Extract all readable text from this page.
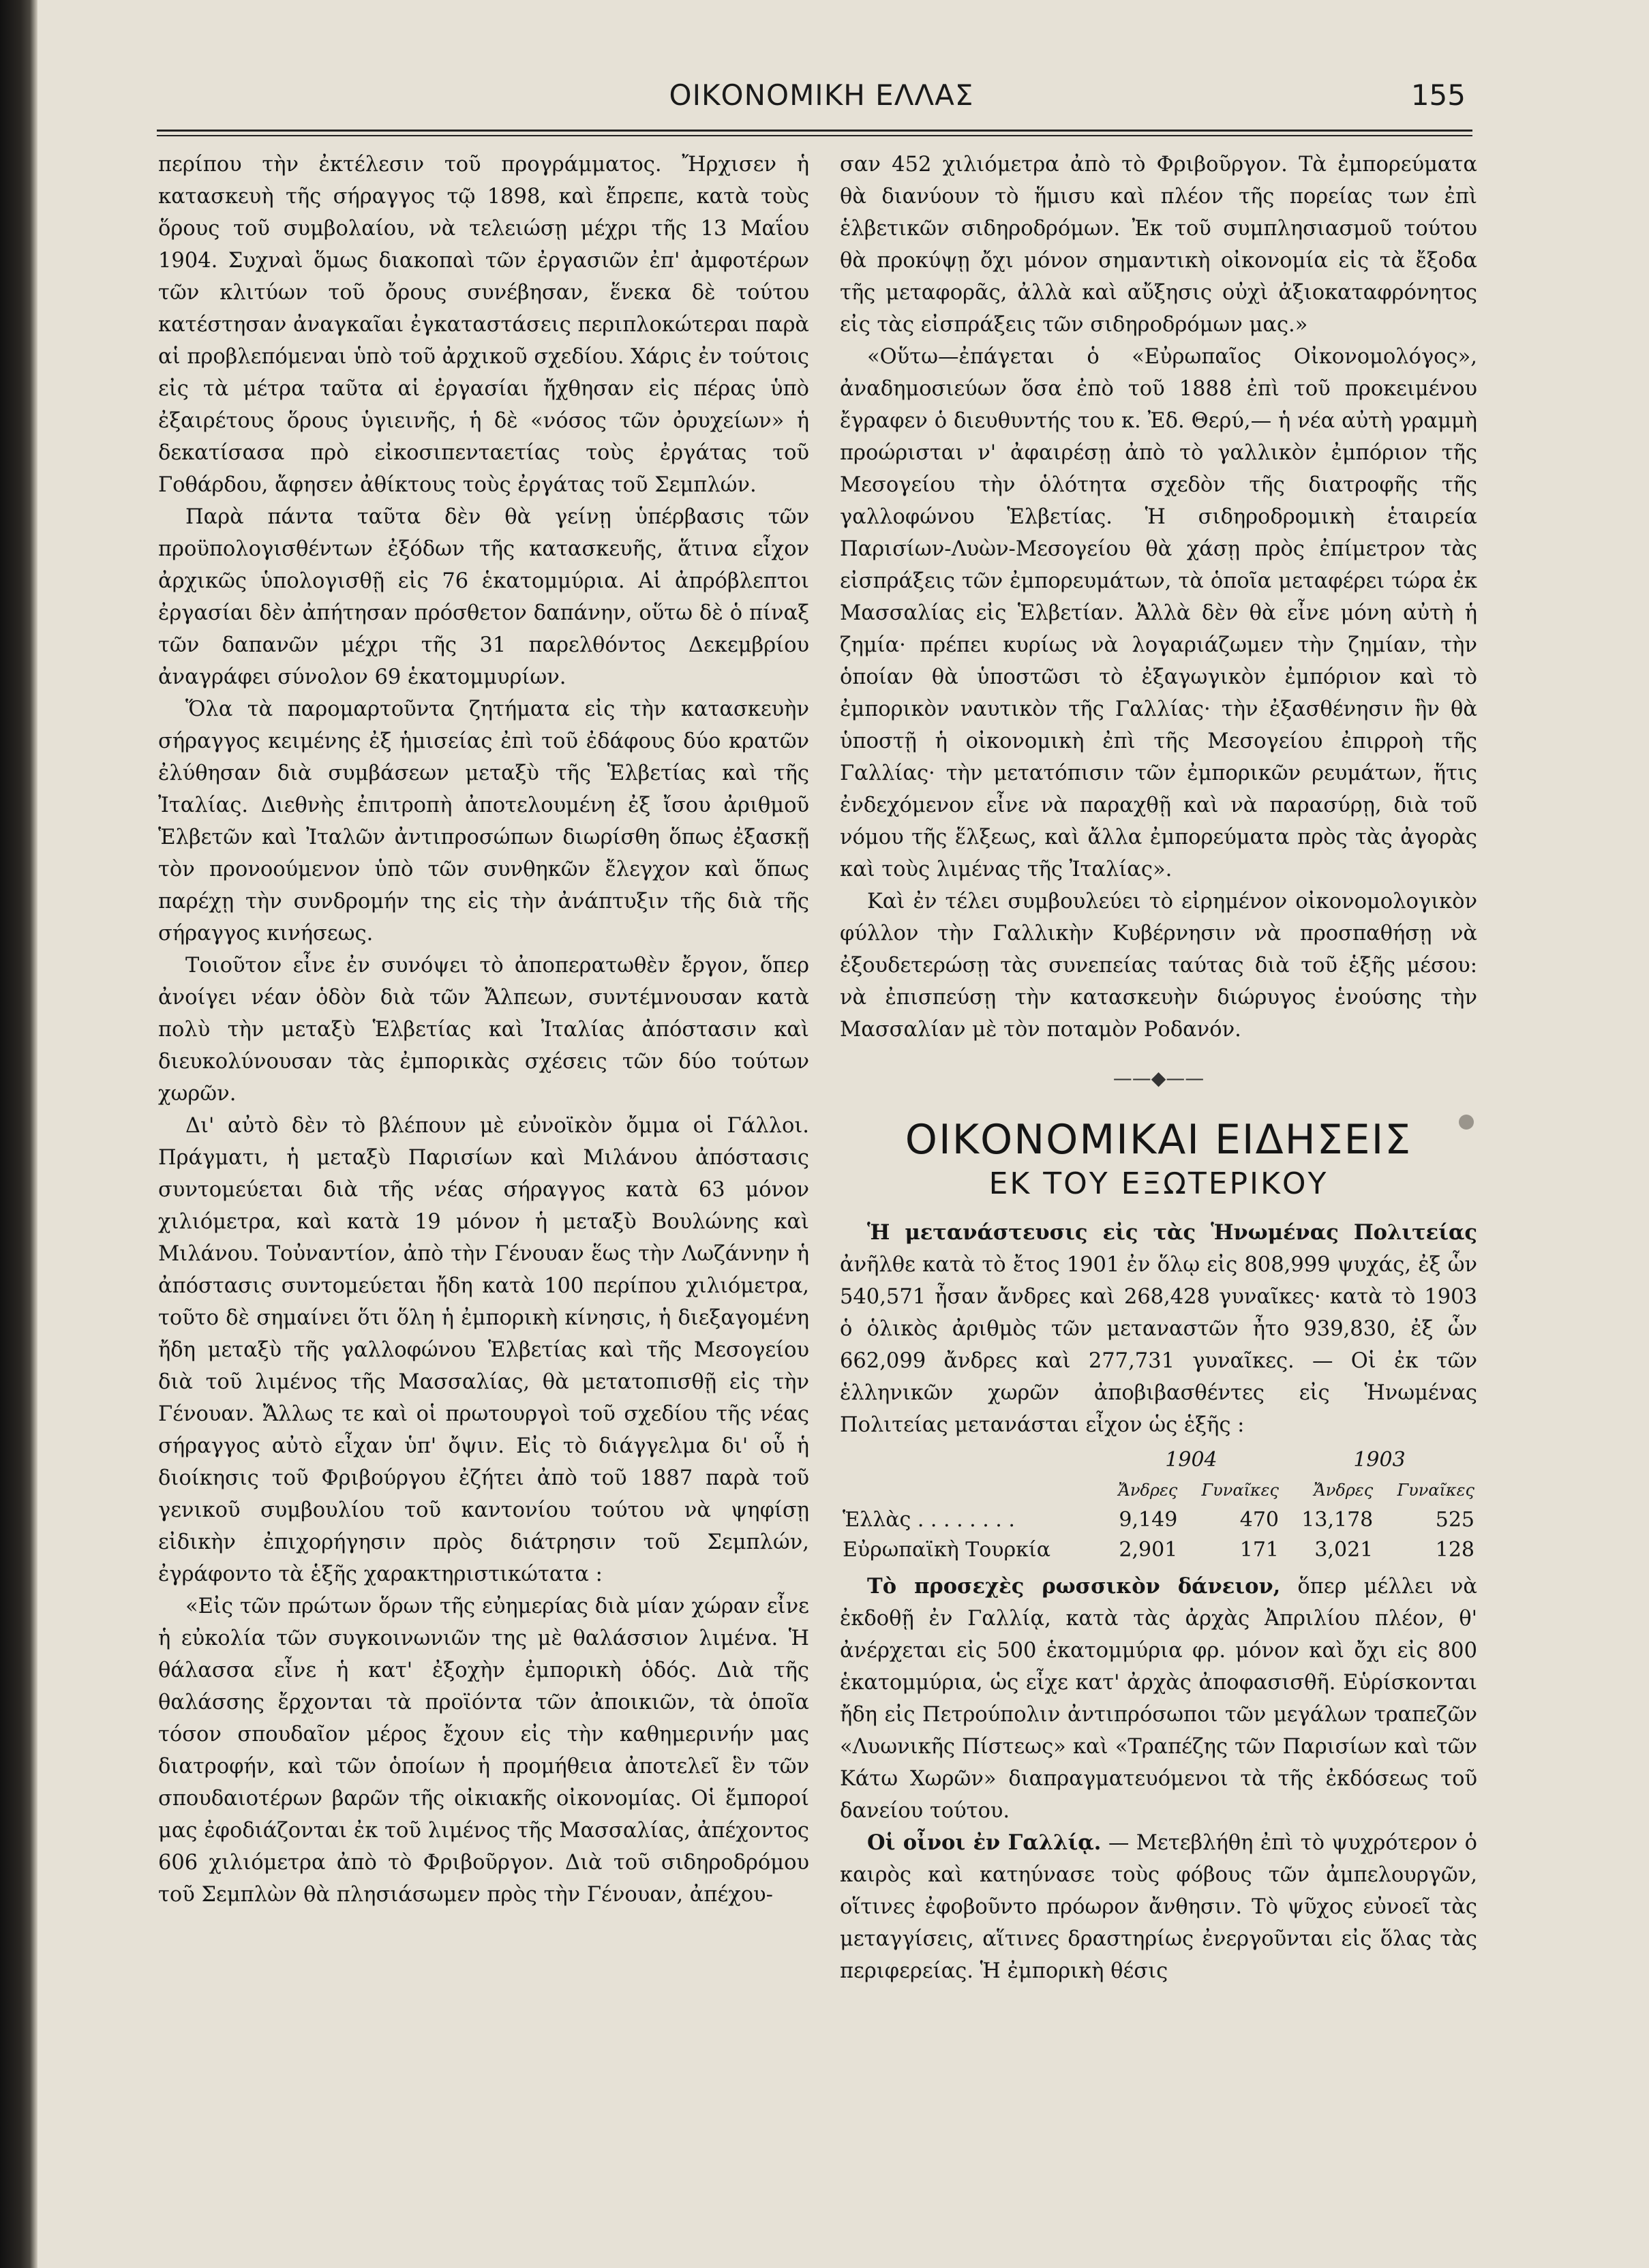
ΟΙΚΟΝΟΜΙΚΗ ΕΛΛΑΣ	155

περίπου τὴν ἐκτέλεσιν τοῦ προγράμματος. Ἤρχισεν ἡ κατασκευὴ τῆς σήραγγος τῷ 1898, καὶ ἔπρεπε, κατὰ τοὺς ὅρους τοῦ συμβολαίου, νὰ τελειώσῃ μέχρι τῆς 13 Μαΐου 1904. Συχναὶ ὅμως διακοπαὶ τῶν ἐργασιῶν ἐπ' ἀμφοτέρων τῶν κλιτύων τοῦ ὄρους συνέβησαν, ἕνεκα δὲ τούτου κατέστησαν ἀναγκαῖαι ἐγκαταστάσεις περιπλοκώτεραι παρὰ αἱ προβλεπόμεναι ὑπὸ τοῦ ἀρχικοῦ σχεδίου. Χάρις ἐν τούτοις εἰς τὰ μέτρα ταῦτα αἱ ἐργασίαι ἤχθησαν εἰς πέρας ὑπὸ ἐξαιρέτους ὅρους ὑγιεινῆς, ἡ δὲ «νόσος τῶν ὀρυχείων» ἡ δεκατίσασα πρὸ εἰκοσιπενταετίας τοὺς ἐργάτας τοῦ Γοθάρδου, ἄφησεν ἀθίκτους τοὺς ἐργάτας τοῦ Σεμπλών.

Παρὰ πάντα ταῦτα δὲν θὰ γείνῃ ὑπέρβασις τῶν προϋπολογισθέντων ἐξόδων τῆς κατασκευῆς, ἅτινα εἶχον ἀρχικῶς ὑπολογισθῇ εἰς 76 ἑκατομμύρια. Αἱ ἀπρόβλεπτοι ἐργασίαι δὲν ἀπήτησαν πρόσθετον δαπάνην, οὕτω δὲ ὁ πίναξ τῶν δαπανῶν μέχρι τῆς 31 παρελθόντος Δεκεμβρίου ἀναγράφει σύνολον 69 ἑκατομμυρίων.

Ὅλα τὰ παρομαρτοῦντα ζητήματα εἰς τὴν κατασκευὴν σήραγγος κειμένης ἐξ ἡμισείας ἐπὶ τοῦ ἐδάφους δύο κρατῶν ἐλύθησαν διὰ συμβάσεων μεταξὺ τῆς Ἑλβετίας καὶ τῆς Ἰταλίας. Διεθνὴς ἐπιτροπὴ ἀποτελουμένη ἐξ ἴσου ἀριθμοῦ Ἑλβετῶν καὶ Ἰταλῶν ἀντιπροσώπων διωρίσθη ὅπως ἐξασκῇ τὸν προνοούμενον ὑπὸ τῶν συνθηκῶν ἔλεγχον καὶ ὅπως παρέχῃ τὴν συνδρομήν της εἰς τὴν ἀνάπτυξιν τῆς διὰ τῆς σήραγγος κινήσεως.

Τοιοῦτον εἶνε ἐν συνόψει τὸ ἀποπερατωθὲν ἔργον, ὅπερ ἀνοίγει νέαν ὁδὸν διὰ τῶν Ἄλπεων, συντέμνουσαν κατὰ πολὺ τὴν μεταξὺ Ἑλβετίας καὶ Ἰταλίας ἀπόστασιν καὶ διευκολύνουσαν τὰς ἐμπορικὰς σχέσεις τῶν δύο τούτων χωρῶν.

Δι' αὐτὸ δὲν τὸ βλέπουν μὲ εὐνοϊκὸν ὄμμα οἱ Γάλλοι. Πράγματι, ἡ μεταξὺ Παρισίων καὶ Μιλάνου ἀπόστασις συντομεύεται διὰ τῆς νέας σήραγγος κατὰ 63 μόνον χιλιόμετρα, καὶ κατὰ 19 μόνον ἡ μεταξὺ Βουλώνης καὶ Μιλάνου. Τοὐναντίον, ἀπὸ τὴν Γένουαν ἕως τὴν Λωζάννην ἡ ἀπόστασις συντομεύεται ἤδη κατὰ 100 περίπου χιλιόμετρα, τοῦτο δὲ σημαίνει ὅτι ὅλη ἡ ἐμπορικὴ κίνησις, ἡ διεξαγομένη ἤδη μεταξὺ τῆς γαλλοφώνου Ἑλβετίας καὶ τῆς Μεσογείου διὰ τοῦ λιμένος τῆς Μασσαλίας, θὰ μετατοπισθῇ εἰς τὴν Γένουαν. Ἄλλως τε καὶ οἱ πρωτουργοὶ τοῦ σχεδίου τῆς νέας σήραγγος αὐτὸ εἶχαν ὑπ' ὄψιν. Εἰς τὸ διάγγελμα δι' οὗ ἡ διοίκησις τοῦ Φριβούργου ἐζήτει ἀπὸ τοῦ 1887 παρὰ τοῦ γενικοῦ συμβουλίου τοῦ καντονίου τούτου νὰ ψηφίσῃ εἰδικὴν ἐπιχορήγησιν πρὸς διάτρησιν τοῦ Σεμπλών, ἐγράφοντο τὰ ἑξῆς χαρακτηριστικώτατα :

«Εἰς τῶν πρώτων ὅρων τῆς εὐημερίας διὰ μίαν χώραν εἶνε ἡ εὐκολία τῶν συγκοινωνιῶν της μὲ θαλάσσιον λιμένα. Ἡ θάλασσα εἶνε ἡ κατ' ἐξοχὴν ἐμπορικὴ ὁδός. Διὰ τῆς θαλάσσης ἔρχονται τὰ προϊόντα τῶν ἀποικιῶν, τὰ ὁποῖα τόσον σπουδαῖον μέρος ἔχουν εἰς τὴν καθημερινήν μας διατροφήν, καὶ τῶν ὁποίων ἡ προμήθεια ἀποτελεῖ ἓν τῶν σπουδαιοτέρων βαρῶν τῆς οἰκιακῆς οἰκονομίας. Οἱ ἔμποροί μας ἐφοδιάζονται ἐκ τοῦ λιμένος τῆς Μασσαλίας, ἀπέχοντος 606 χιλιόμετρα ἀπὸ τὸ Φριβοῦργον. Διὰ τοῦ σιδηροδρόμου τοῦ Σεμπλὼν θὰ πλησιάσωμεν πρὸς τὴν Γένουαν, ἀπέχου-

σαν 452 χιλιόμετρα ἀπὸ τὸ Φριβοῦργον. Τὰ ἐμπορεύματα θὰ διανύουν τὸ ἥμισυ καὶ πλέον τῆς πορείας των ἐπὶ ἑλβετικῶν σιδηροδρόμων. Ἐκ τοῦ συμπλησιασμοῦ τούτου θὰ προκύψῃ ὄχι μόνον σημαντικὴ οἰκονομία εἰς τὰ ἔξοδα τῆς μεταφορᾶς, ἀλλὰ καὶ αὔξησις οὐχὶ ἀξιοκαταφρόνητος εἰς τὰς εἰσπράξεις τῶν σιδηροδρόμων μας.»

«Οὕτω—ἐπάγεται ὁ «Εὐρωπαῖος Οἰκονομολόγος», ἀναδημοσιεύων ὅσα ἐπὸ τοῦ 1888 ἐπὶ τοῦ προκειμένου ἔγραφεν ὁ διευθυντής του κ. Ἐδ. Θερύ,— ἡ νέα αὐτὴ γραμμὴ προώρισται ν' ἀφαιρέσῃ ἀπὸ τὸ γαλλικὸν ἐμπόριον τῆς Μεσογείου τὴν ὁλότητα σχεδὸν τῆς διατροφῆς τῆς γαλλοφώνου Ἑλβετίας. Ἡ σιδηροδρομικὴ ἑταιρεία Παρισίων-Λυὼν-Μεσογείου θὰ χάσῃ πρὸς ἐπίμετρον τὰς εἰσπράξεις τῶν ἐμπορευμάτων, τὰ ὁποῖα μεταφέρει τώρα ἐκ Μασσαλίας εἰς Ἑλβετίαν. Ἀλλὰ δὲν θὰ εἶνε μόνη αὐτὴ ἡ ζημία· πρέπει κυρίως νὰ λογαριάζωμεν τὴν ζημίαν, τὴν ὁποίαν θὰ ὑποστῶσι τὸ ἐξαγωγικὸν ἐμπόριον καὶ τὸ ἐμπορικὸν ναυτικὸν τῆς Γαλλίας· τὴν ἐξασθένησιν ἣν θὰ ὑποστῇ ἡ οἰκονομικὴ ἐπὶ τῆς Μεσογείου ἐπιρροὴ τῆς Γαλλίας· τὴν μετατόπισιν τῶν ἐμπορικῶν ρευμάτων, ἥτις ἐνδεχόμενον εἶνε νὰ παραχθῇ καὶ νὰ παρασύρῃ, διὰ τοῦ νόμου τῆς ἕλξεως, καὶ ἄλλα ἐμπορεύματα πρὸς τὰς ἀγορὰς καὶ τοὺς λιμένας τῆς Ἰταλίας».

Καὶ ἐν τέλει συμβουλεύει τὸ εἰρημένον οἰκονομολογικὸν φύλλον τὴν Γαλλικὴν Κυβέρνησιν νὰ προσπαθήσῃ νὰ ἐξουδετερώσῃ τὰς συνεπείας ταύτας διὰ τοῦ ἑξῆς μέσου: νὰ ἐπισπεύσῃ τὴν κατασκευὴν διώρυγος ἑνούσης τὴν Μασσαλίαν μὲ τὸν ποταμὸν Ροδανόν.

——◆——
ΟΙΚΟΝΟΜΙΚΑΙ ΕΙΔΗΣΕΙΣ
ΕΚ ΤΟΥ ΕΞΩΤΕΡΙΚΟΥ

Ἡ μετανάστευσις εἰς τὰς Ἡνωμένας Πολιτείας ἀνῆλθε κατὰ τὸ ἔτος 1901 ἐν ὅλῳ εἰς 808,999 ψυχάς, ἐξ ὧν 540,571 ἦσαν ἄνδρες καὶ 268,428 γυναῖκες· κατὰ τὸ 1903 ὁ ὁλικὸς ἀριθμὸς τῶν μεταναστῶν ἦτο 939,830, ἐξ ὧν 662,099 ἄνδρες καὶ 277,731 γυναῖκες. — Οἱ ἐκ τῶν ἑλληνικῶν χωρῶν ἀποβιβασθέντες εἰς Ἡνωμένας Πολιτείας μετανάσται εἶχον ὡς ἑξῆς :

	1904		1903	
	Ἄνδρες	Γυναῖκες	Ἄνδρες	Γυναῖκες
Ἑλλὰς . . . . . . . .	9,149	470	13,178	525
Εὐρωπαϊκὴ Τουρκία	2,901	171	3,021	128

Τὸ προσεχὲς ρωσσικὸν δάνειον, ὅπερ μέλλει νὰ ἐκδοθῇ ἐν Γαλλίᾳ, κατὰ τὰς ἀρχὰς Ἀπριλίου πλέον, θ' ἀνέρχεται εἰς 500 ἑκατομμύρια φρ. μόνον καὶ ὄχι εἰς 800 ἑκατομμύρια, ὡς εἶχε κατ' ἀρχὰς ἀποφασισθῆ. Εὑρίσκονται ἤδη εἰς Πετρούπολιν ἀντιπρόσωποι τῶν μεγάλων τραπεζῶν «Λυωνικῆς Πίστεως» καὶ «Τραπέζης τῶν Παρισίων καὶ τῶν Κάτω Χωρῶν» διαπραγματευόμενοι τὰ τῆς ἐκδόσεως τοῦ δανείου τούτου.

Οἱ οἶνοι ἐν Γαλλίᾳ. — Μετεβλήθη ἐπὶ τὸ ψυχρότερον ὁ καιρὸς καὶ κατηύνασε τοὺς φόβους τῶν ἀμπελουργῶν, οἵτινες ἐφοβοῦντο πρόωρον ἄνθησιν. Τὸ ψῦχος εὐνοεῖ τὰς μεταγγίσεις, αἵτινες δραστηρίως ἐνεργοῦνται εἰς ὅλας τὰς περιφερείας. Ἡ ἐμπορικὴ θέσις
